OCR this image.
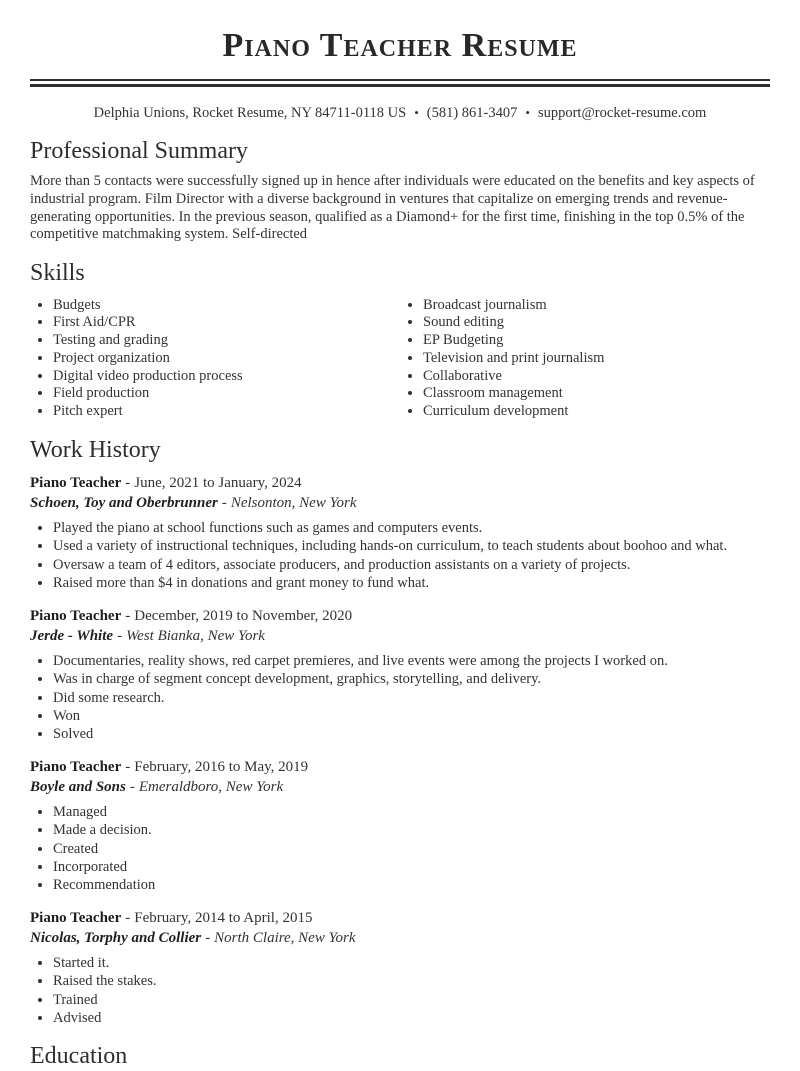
Piano Teacher Resume
Delphia Unions, Rocket Resume, NY 84711-0118 US • (581) 861-3407 • support@rocket-resume.com
Professional Summary

More than 5 contacts were successfully signed up in hence after individuals were educated on the benefits and key aspects of industrial program. Film Director with a diverse background in ventures that capitalize on emerging trends and revenue-generating opportunities. In the previous season, qualified as a Diamond+ for the first time, finishing in the top 0.5% of the competitive matchmaking system. Self-directed

Skills
• Budgets
• First Aid/CPR
• Testing and grading
• Project organization
• Digital video production process
• Field production
• Pitch expert
• Broadcast journalism
• Sound editing
• EP Budgeting
• Television and print journalism
• Collaborative
• Classroom management
• Curriculum development
Work History

Piano Teacher - June, 2021 to January, 2024

Schoen, Toy and Oberbrunner - Nelsonton, New York

• Played the piano at school functions such as games and computers events.
• Used a variety of instructional techniques, including hands-on curriculum, to teach students about boohoo and what.
• Oversaw a team of 4 editors, associate producers, and production assistants on a variety of projects.
• Raised more than $4 in donations and grant money to fund what.

Piano Teacher - December, 2019 to November, 2020

Jerde - White - West Bianka, New York

• Documentaries, reality shows, red carpet premieres, and live events were among the projects I worked on.
• Was in charge of segment concept development, graphics, storytelling, and delivery.
• Did some research.
• Won
• Solved

Piano Teacher - February, 2016 to May, 2019

Boyle and Sons - Emeraldboro, New York

• Managed
• Made a decision.
• Created
• Incorporated
• Recommendation

Piano Teacher - February, 2014 to April, 2015

Nicolas, Torphy and Collier - North Claire, New York

• Started it.
• Raised the stakes.
• Trained
• Advised
Education
